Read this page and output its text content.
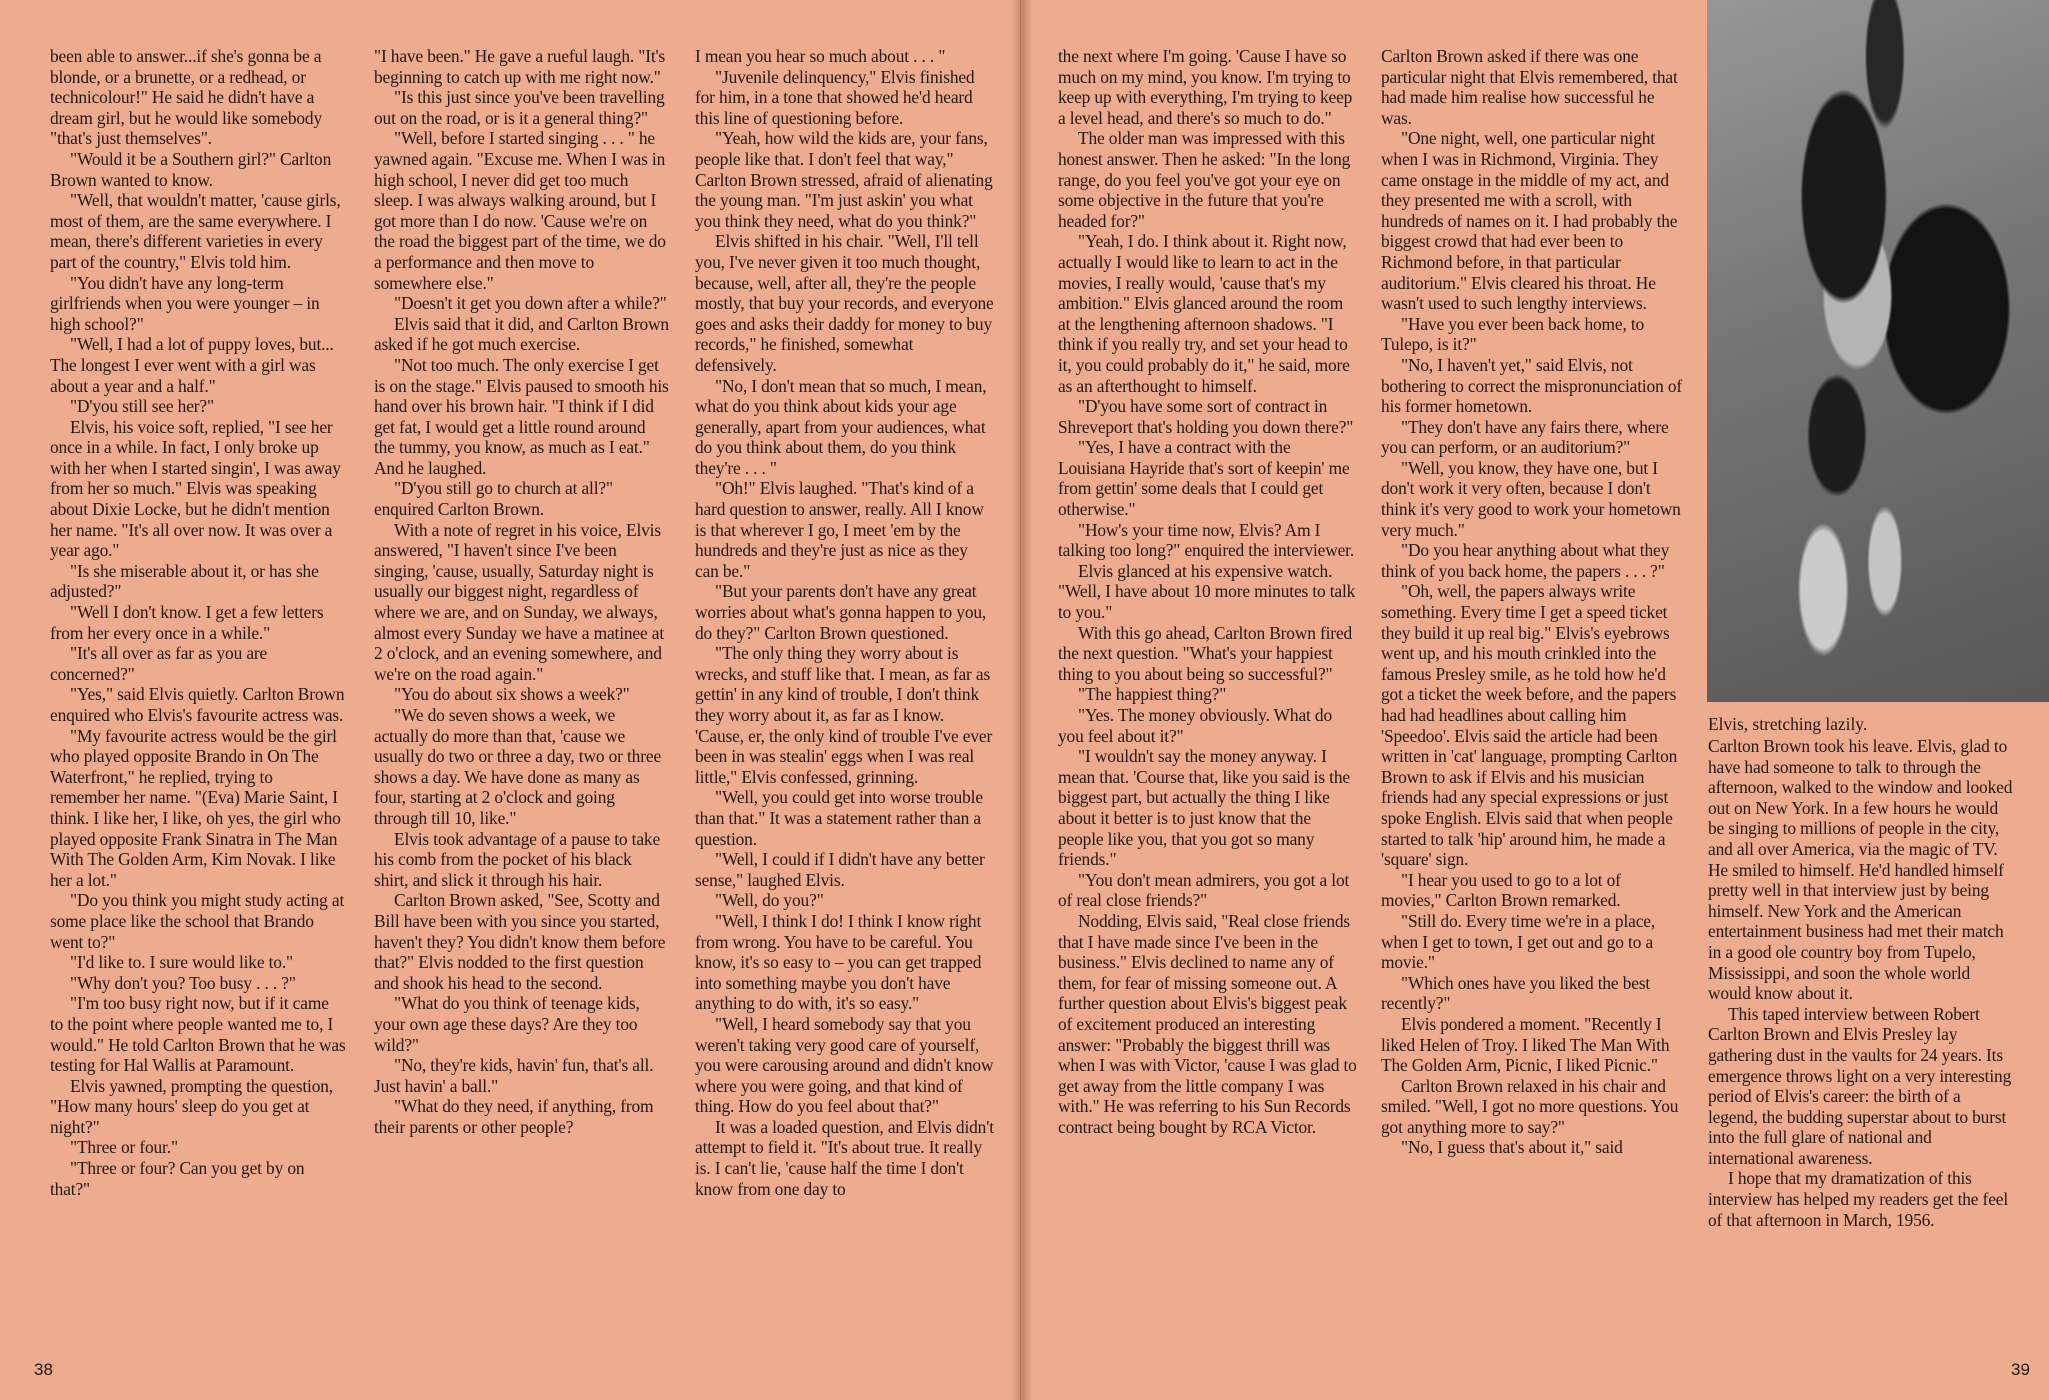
been able to answer...if she's gonna be a blonde, or a brunette, or a redhead, or technicolour!" He said he didn't have a dream girl, but he would like somebody "that's just themselves".

"Would it be a Southern girl?" Carlton Brown wanted to know.

"Well, that wouldn't matter, 'cause girls, most of them, are the same everywhere. I mean, there's different varieties in every part of the country," Elvis told him.

"You didn't have any long-term girlfriends when you were younger – in high school?"

"Well, I had a lot of puppy loves, but... The longest I ever went with a girl was about a year and a half."

"D'you still see her?"

Elvis, his voice soft, replied, "I see her once in a while. In fact, I only broke up with her when I started singin', I was away from her so much." Elvis was speaking about Dixie Locke, but he didn't mention her name. "It's all over now. It was over a year ago."

"Is she miserable about it, or has she adjusted?"

"Well I don't know. I get a few letters from her every once in a while."

"It's all over as far as you are concerned?"

"Yes," said Elvis quietly. Carlton Brown enquired who Elvis's favourite actress was.

"My favourite actress would be the girl who played opposite Brando in On The Waterfront," he replied, trying to remember her name. "(Eva) Marie Saint, I think. I like her, I like, oh yes, the girl who played opposite Frank Sinatra in The Man With The Golden Arm, Kim Novak. I like her a lot."

"Do you think you might study acting at some place like the school that Brando went to?"

"I'd like to. I sure would like to."

"Why don't you? Too busy . . . ?"

"I'm too busy right now, but if it came to the point where people wanted me to, I would." He told Carlton Brown that he was testing for Hal Wallis at Paramount.

Elvis yawned, prompting the question, "How many hours' sleep do you get at night?"

"Three or four."

"Three or four? Can you get by on that?"

"I have been." He gave a rueful laugh. "It's beginning to catch up with me right now."

"Is this just since you've been travelling out on the road, or is it a general thing?"

"Well, before I started singing . . . " he yawned again. "Excuse me. When I was in high school, I never did get too much sleep. I was always walking around, but I got more than I do now. 'Cause we're on the road the biggest part of the time, we do a performance and then move to somewhere else."

"Doesn't it get you down after a while?"

Elvis said that it did, and Carlton Brown asked if he got much exercise.

"Not too much. The only exercise I get is on the stage." Elvis paused to smooth his hand over his brown hair. "I think if I did get fat, I would get a little round around the tummy, you know, as much as I eat." And he laughed.

"D'you still go to church at all?" enquired Carlton Brown.

With a note of regret in his voice, Elvis answered, "I haven't since I've been singing, 'cause, usually, Saturday night is usually our biggest night, regardless of where we are, and on Sunday, we always, almost every Sunday we have a matinee at 2 o'clock, and an evening somewhere, and we're on the road again."

"You do about six shows a week?"

"We do seven shows a week, we actually do more than that, 'cause we usually do two or three a day, two or three shows a day. We have done as many as four, starting at 2 o'clock and going through till 10, like."

Elvis took advantage of a pause to take his comb from the pocket of his black shirt, and slick it through his hair.

Carlton Brown asked, "See, Scotty and Bill have been with you since you started, haven't they? You didn't know them before that?" Elvis nodded to the first question and shook his head to the second.

"What do you think of teenage kids, your own age these days? Are they too wild?"

"No, they're kids, havin' fun, that's all. Just havin' a ball."

"What do they need, if anything, from their parents or other people?

I mean you hear so much about . . . "

"Juvenile delinquency," Elvis finished for him, in a tone that showed he'd heard this line of questioning before.

"Yeah, how wild the kids are, your fans, people like that. I don't feel that way," Carlton Brown stressed, afraid of alienating the young man. "I'm just askin' you what you think they need, what do you think?"

Elvis shifted in his chair. "Well, I'll tell you, I've never given it too much thought, because, well, after all, they're the people mostly, that buy your records, and everyone goes and asks their daddy for money to buy records," he finished, somewhat defensively.

"No, I don't mean that so much, I mean, what do you think about kids your age generally, apart from your audiences, what do you think about them, do you think they're . . . "

"Oh!" Elvis laughed. "That's kind of a hard question to answer, really. All I know is that wherever I go, I meet 'em by the hundreds and they're just as nice as they can be."

"But your parents don't have any great worries about what's gonna happen to you, do they?" Carlton Brown questioned.

"The only thing they worry about is wrecks, and stuff like that. I mean, as far as gettin' in any kind of trouble, I don't think they worry about it, as far as I know. 'Cause, er, the only kind of trouble I've ever been in was stealin' eggs when I was real little," Elvis confessed, grinning.

"Well, you could get into worse trouble than that." It was a statement rather than a question.

"Well, I could if I didn't have any better sense," laughed Elvis.

"Well, do you?"

"Well, I think I do! I think I know right from wrong. You have to be careful. You know, it's so easy to – you can get trapped into something maybe you don't have anything to do with, it's so easy."

"Well, I heard somebody say that you weren't taking very good care of yourself, you were carousing around and didn't know where you were going, and that kind of thing. How do you feel about that?"

It was a loaded question, and Elvis didn't attempt to field it. "It's about true. It really is. I can't lie, 'cause half the time I don't know from one day to

the next where I'm going. 'Cause I have so much on my mind, you know. I'm trying to keep up with everything, I'm trying to keep a level head, and there's so much to do."

The older man was impressed with this honest answer. Then he asked: "In the long range, do you feel you've got your eye on some objective in the future that you're headed for?"

"Yeah, I do. I think about it. Right now, actually I would like to learn to act in the movies, I really would, 'cause that's my ambition." Elvis glanced around the room at the lengthening afternoon shadows. "I think if you really try, and set your head to it, you could probably do it," he said, more as an afterthought to himself.

"D'you have some sort of contract in Shreveport that's holding you down there?"

"Yes, I have a contract with the Louisiana Hayride that's sort of keepin' me from gettin' some deals that I could get otherwise."

"How's your time now, Elvis? Am I talking too long?" enquired the interviewer.

Elvis glanced at his expensive watch. "Well, I have about 10 more minutes to talk to you."

With this go ahead, Carlton Brown fired the next question. "What's your happiest thing to you about being so successful?"

"The happiest thing?"

"Yes. The money obviously. What do you feel about it?"

"I wouldn't say the money anyway. I mean that. 'Course that, like you said is the biggest part, but actually the thing I like about it better is to just know that the people like you, that you got so many friends."

"You don't mean admirers, you got a lot of real close friends?"

Nodding, Elvis said, "Real close friends that I have made since I've been in the business." Elvis declined to name any of them, for fear of missing someone out. A further question about Elvis's biggest peak of excitement produced an interesting answer: "Probably the biggest thrill was when I was with Victor, 'cause I was glad to get away from the little company I was with." He was referring to his Sun Records contract being bought by RCA Victor.

Carlton Brown asked if there was one particular night that Elvis remembered, that had made him realise how successful he was.

"One night, well, one particular night when I was in Richmond, Virginia. They came onstage in the middle of my act, and they presented me with a scroll, with hundreds of names on it. I had probably the biggest crowd that had ever been to Richmond before, in that particular auditorium." Elvis cleared his throat. He wasn't used to such lengthy interviews.

"Have you ever been back home, to Tulepo, is it?"

"No, I haven't yet," said Elvis, not bothering to correct the mispronunciation of his former hometown.

"They don't have any fairs there, where you can perform, or an auditorium?"

"Well, you know, they have one, but I don't work it very often, because I don't think it's very good to work your hometown very much."

"Do you hear anything about what they think of you back home, the papers . . . ?"

"Oh, well, the papers always write something. Every time I get a speed ticket they build it up real big." Elvis's eyebrows went up, and his mouth crinkled into the famous Presley smile, as he told how he'd got a ticket the week before, and the papers had had headlines about calling him 'Speedoo'. Elvis said the article had been written in 'cat' language, prompting Carlton Brown to ask if Elvis and his musician friends had any special expressions or just spoke English. Elvis said that when people started to talk 'hip' around him, he made a 'square' sign.

"I hear you used to go to a lot of movies," Carlton Brown remarked.

"Still do. Every time we're in a place, when I get to town, I get out and go to a movie."

"Which ones have you liked the best recently?"

Elvis pondered a moment. "Recently I liked Helen of Troy. I liked The Man With The Golden Arm, Picnic, I liked Picnic."

Carlton Brown relaxed in his chair and smiled. "Well, I got no more questions. You got anything more to say?"

"No, I guess that's about it," said

Elvis, stretching lazily.

Carlton Brown took his leave. Elvis, glad to have had someone to talk to through the afternoon, walked to the window and looked out on New York. In a few hours he would be singing to millions of people in the city, and all over America, via the magic of TV. He smiled to himself. He'd handled himself pretty well in that interview just by being himself. New York and the American entertainment business had met their match in a good ole country boy from Tupelo, Mississippi, and soon the whole world would know about it.

This taped interview between Robert Carlton Brown and Elvis Presley lay gathering dust in the vaults for 24 years. Its emergence throws light on a very interesting period of Elvis's career: the birth of a legend, the budding superstar about to burst into the full glare of national and international awareness.

I hope that my dramatization of this interview has helped my readers get the feel of that afternoon in March, 1956.

38	39
